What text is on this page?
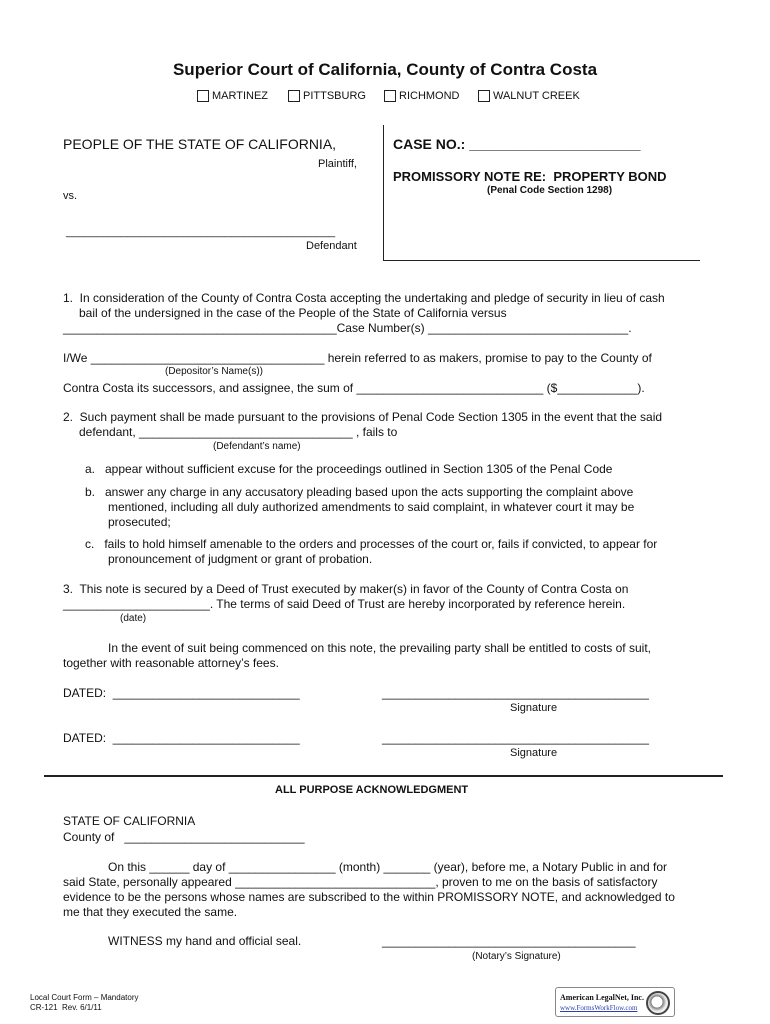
Superior Court of California, County of Contra Costa
MARTINEZ	PITTSBURG	RICHMOND	WALNUT CREEK
PEOPLE OF THE STATE OF CALIFORNIA,
Plaintiff,
vs.
____________________________________________
Defendant
CASE NO.: ______________________
PROMISSORY NOTE RE:  PROPERTY BOND
(Penal Code Section 1298)
1.  In consideration of the County of Contra Costa accepting the undertaking and pledge of security in lieu of cash
bail of the undersigned in the case of the People of the State of California versus
_________________________________________Case Number(s) ______________________________.
I/We ___________________________________ herein referred to as makers, promise to pay to the County of
(Depositor’s Name(s))
Contra Costa its successors, and assignee, the sum of ____________________________ ($____________).
2.  Such payment shall be made pursuant to the provisions of Penal Code Section 1305 in the event that the said
defendant, ________________________________ , fails to
(Defendant’s name)
a.   appear without sufficient excuse for the proceedings outlined in Section 1305 of the Penal Code
b.   answer any charge in any accusatory pleading based upon the acts supporting the complaint above
mentioned, including all duly authorized amendments to said complaint, in whatever court it may be
prosecuted;
c.   fails to hold himself amenable to the orders and processes of the court or, fails if convicted, to appear for
pronouncement of judgment or grant of probation.
3.  This note is secured by a Deed of Trust executed by maker(s) in favor of the County of Contra Costa on
______________________. The terms of said Deed of Trust are hereby incorporated by reference herein.
(date)
In the event of suit being commenced on this note, the prevailing party shall be entitled to costs of suit,
together with reasonable attorney’s fees.
DATED:  ____________________________	________________________________________
Signature
DATED:  ____________________________	________________________________________
Signature
ALL PURPOSE ACKNOWLEDGMENT
STATE OF CALIFORNIA
County of   ___________________________
On this ______ day of ________________ (month) _______ (year), before me, a Notary Public in and for
said State, personally appeared ______________________________, proven to me on the basis of satisfactory
evidence to be the persons whose names are subscribed to the within PROMISSORY NOTE, and acknowledged to
me that they executed the same.
WITNESS my hand and official seal.	______________________________________
(Notary’s Signature)
Local Court Form – Mandatory
CR-121  Rev. 6/1/11
American LegalNet, Inc.
www.FormsWorkFlow.com
